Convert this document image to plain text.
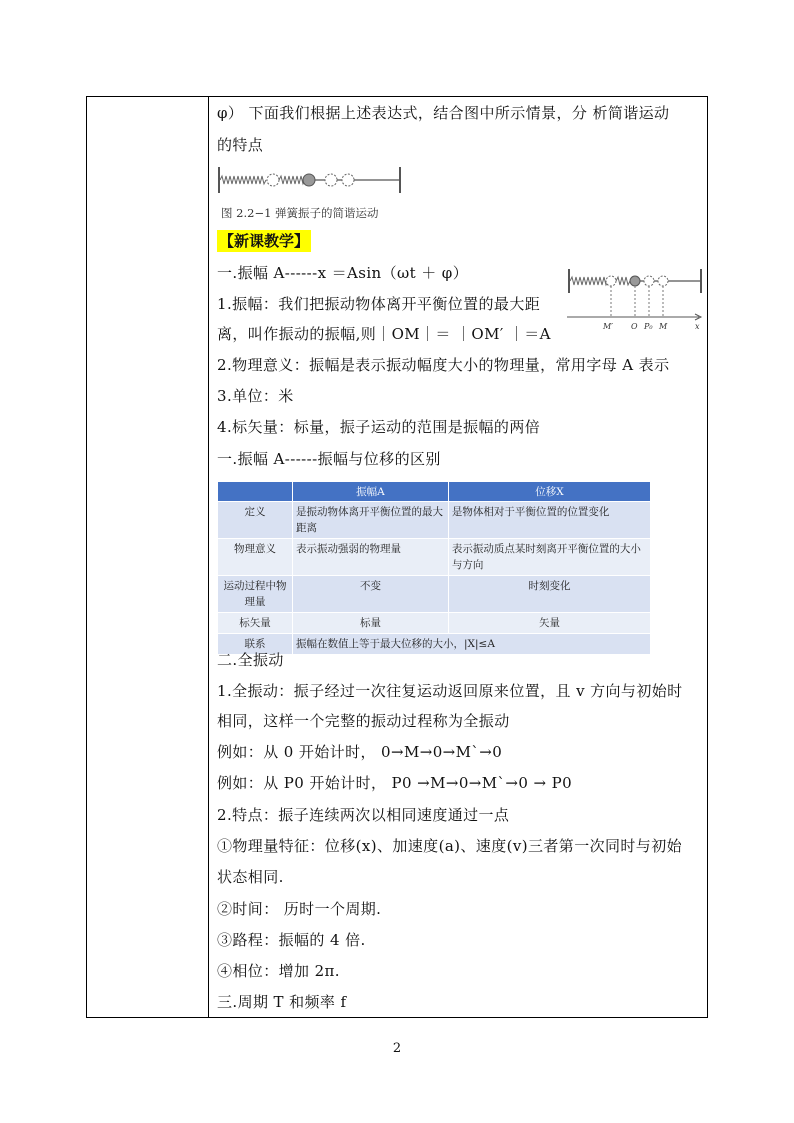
φ） 下面我们根据上述表达式，结合图中所示情景，分 析简谐运动
的特点
图 2.2−1 弹簧振子的简谐运动
【新课教学】
一.振幅 A------x ＝Asin（ωt ＋ φ）
M′ O P₀ M	x
1.振幅：我们把振动物体离开平衡位置的最大距
离，叫作振动的振幅,则｜OM｜＝ ｜OM′ ｜＝A
2.物理意义：振幅是表示振动幅度大小的物理量，常用字母 A 表示
3.单位：米
4.标矢量：标量，振子运动的范围是振幅的两倍
一.振幅 A------振幅与位移的区别
	振幅A	位移X
定义	是振动物体离开平衡位置的最大距离	是物体相对于平衡位置的位置变化
物理意义	表示振动强弱的物理量	表示振动质点某时刻离开平衡位置的大小与方向
运动过程中物理量	不变	时刻变化
标矢量	标量	矢量
联系	振幅在数值上等于最大位移的大小，|X|≤A	
二.全振动
1.全振动：振子经过一次往复运动返回原来位置，且 v 方向与初始时
相同，这样一个完整的振动过程称为全振动
例如：从 0 开始计时， 0→M→0→M`→0
例如：从 P0 开始计时， P0 →M→0→M`→0 → P0
2.特点：振子连续两次以相同速度通过一点
①物理量特征：位移(x)、加速度(a)、速度(v)三者第一次同时与初始
状态相同.
②时间： 历时一个周期.
③路程：振幅的 4 倍.
④相位：增加 2π.
三.周期 T 和频率 f
2
